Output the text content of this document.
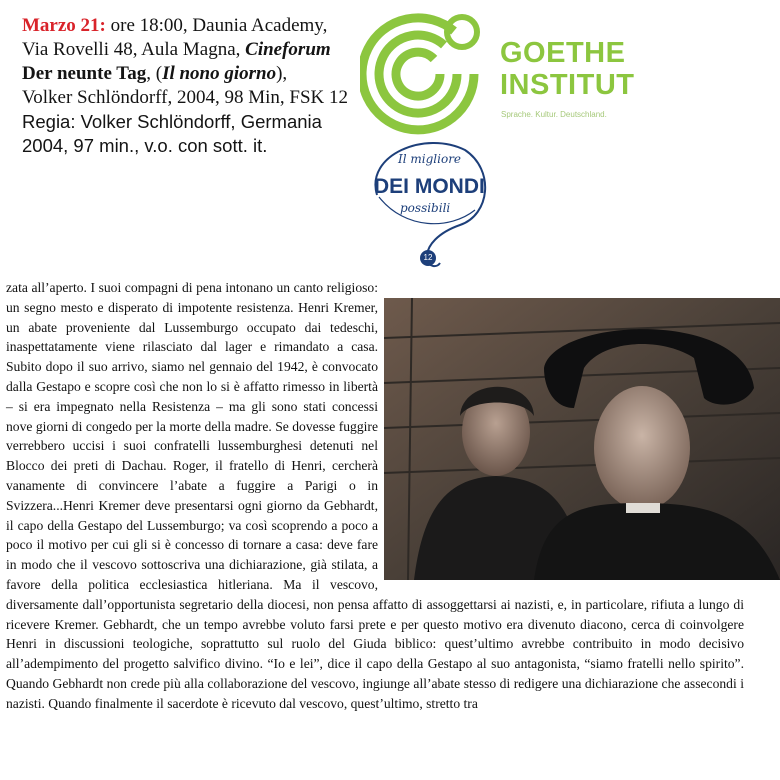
Marzo 21: ore 18:00, Daunia Academy, Via Rovelli 48, Aula Magna, Cineforum

Der neunte Tag, (Il nono giorno),

Volker Schlöndorff, 2004, 98 Min, FSK 12

Regia: Volker Schlöndorff, Germania 2004, 97 min., v.o. con sott. it.

GOETHE
INSTITUT
Sprache. Kultur. Deutschland.
Il migliore
DEI MONDI
possibili
12

zata all’aperto. I suoi compagni di pena intonano un canto religioso: un segno mesto e disperato di impotente resistenza. Henri Kremer, un abate proveniente dal Lussemburgo occupato dai tedeschi, inaspettatamente viene rilasciato dal lager e rimandato a casa. Subito dopo il suo arrivo, siamo nel gennaio del 1942, è convocato dalla Gestapo e scopre così che non lo si è affatto rimesso in libertà – si era impegnato nella Resistenza – ma gli sono stati concessi nove giorni di congedo per la morte della madre. Se dovesse fuggire verrebbero uccisi i suoi confratelli lussemburghesi detenuti nel Blocco dei preti di Dachau. Roger, il fratello di Henri, cercherà vanamente di convincere l’abate a fuggire a Parigi o in Svizzera...Henri Kremer deve presentarsi ogni giorno da Gebhardt, il capo della Gestapo del Lussemburgo; va così scoprendo a poco a poco il motivo per cui gli si è concesso di tornare a casa: deve fare in modo che il vescovo sottoscriva una dichiarazione, già stilata, a favore della politica ecclesiastica hitleriana. Ma il vescovo, diversamente dall’opportunista segretario della diocesi, non pensa affatto di assoggettarsi ai nazisti, e, in particolare, rifiuta a lungo di ricevere Kremer. Gebhardt, che un tempo avrebbe voluto farsi prete e per questo motivo era divenuto diacono, cerca di coinvolgere Henri in discussioni teologiche, soprattutto sul ruolo del Giuda biblico: quest’ultimo avrebbe contribuito in modo decisivo all’adempimento del progetto salvifico divino. “Io e lei”, dice il capo della Gestapo al suo antagonista, “siamo fratelli nello spirito”. Quando Gebhardt non crede più alla collaborazione del vescovo, ingiunge all’abate stesso di redigere una dichiarazione che assecondi i nazisti. Quando finalmente il sacerdote è ricevuto dal vescovo, quest’ultimo, stretto tra
